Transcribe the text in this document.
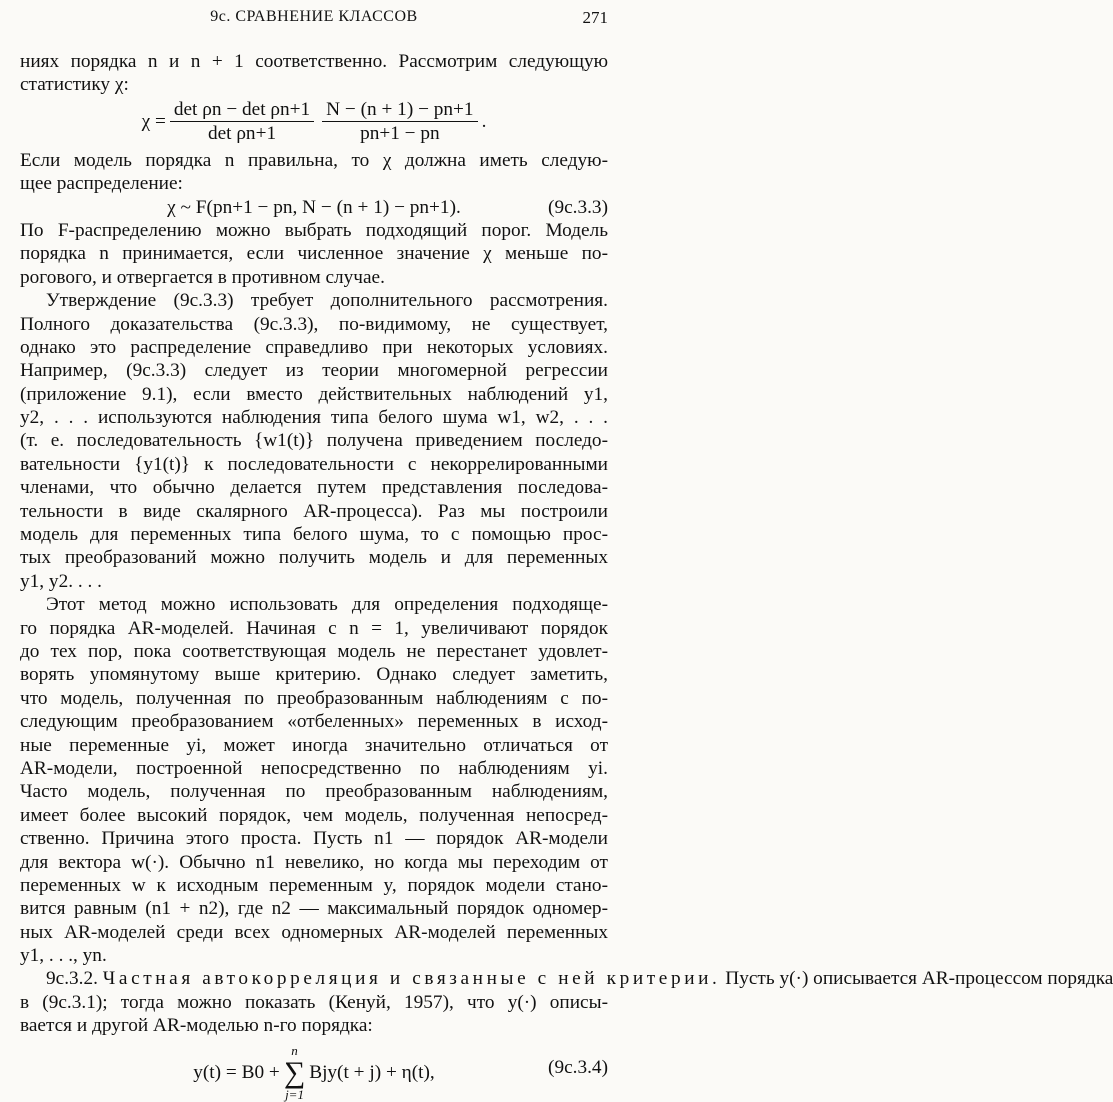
9с. СРАВНЕНИЕ КЛАССОВ	271
ниях порядка n и n + 1 соответственно. Рассмотрим следующую
статистику χ:
$\chi = \frac{\text{det ρn − det ρn+1}}{\text{det ρn+1}} \frac{N - (n + 1) - pn+1}{pn+1 - pn}$ .
Если модель порядка n правильна, то χ должна иметь следую-
щее распределение:
χ ~ F(pn+1 − pn, N − (n + 1) − pn+1).	(9с.3.3)
По F-распределению можно выбрать подходящий порог. Модель
порядка n принимается, если численное значение χ меньше по-
рогового, и отвергается в противном случае.
Утверждение (9с.3.3) требует дополнительного рассмотрения.
Полного доказательства (9с.3.3), по-видимому, не существует,
однако это распределение справедливо при некоторых условиях.
Например, (9с.3.3) следует из теории многомерной регрессии
(приложение 9.1), если вместо действительных наблюдений y1,
y2, . . . используются наблюдения типа белого шума w1, w2, . . .
(т. е. последовательность {w1(t)} получена приведением последо-
вательности {y1(t)} к последовательности с некоррелированными
членами, что обычно делается путем представления последова-
тельности в виде скалярного AR-процесса). Раз мы построили
модель для переменных типа белого шума, то с помощью прос-
тых преобразований можно получить модель и для переменных
y1, y2. . . .
Этот метод можно использовать для определения подходяще-
го порядка AR-моделей. Начиная с n = 1, увеличивают порядок
до тех пор, пока соответствующая модель не перестанет удовлет-
ворять упомянутому выше критерию. Однако следует заметить,
что модель, полученная по преобразованным наблюдениям с по-
следующим преобразованием «отбеленных» переменных в исход-
ные переменные yi, может иногда значительно отличаться от
AR-модели, построенной непосредственно по наблюдениям yi.
Часто модель, полученная по преобразованным наблюдениям,
имеет более высокий порядок, чем модель, полученная непосред-
ственно. Причина этого проста. Пусть n1 — порядок AR-модели
для вектора w(·). Обычно n1 невелико, но когда мы переходим от
переменных w к исходным переменным y, порядок модели стано-
вится равным (n1 + n2), где n2 — максимальный порядок одномер-
ных AR-моделей среди всех одномерных AR-моделей переменных
y1, . . ., yn.
9с.3.2. Частная автокорреляция и связанные с ней критерии. Пусть y(·) описывается AR-процессом порядка
в (9с.3.1); тогда можно показать (Кенуй, 1957), что y(·) описы-
вается и другой AR-моделью n-го порядка:
y(t) = B0 +
n
∑
j=1
Bjy(t + j) + η(t),	(9с.3.4)
